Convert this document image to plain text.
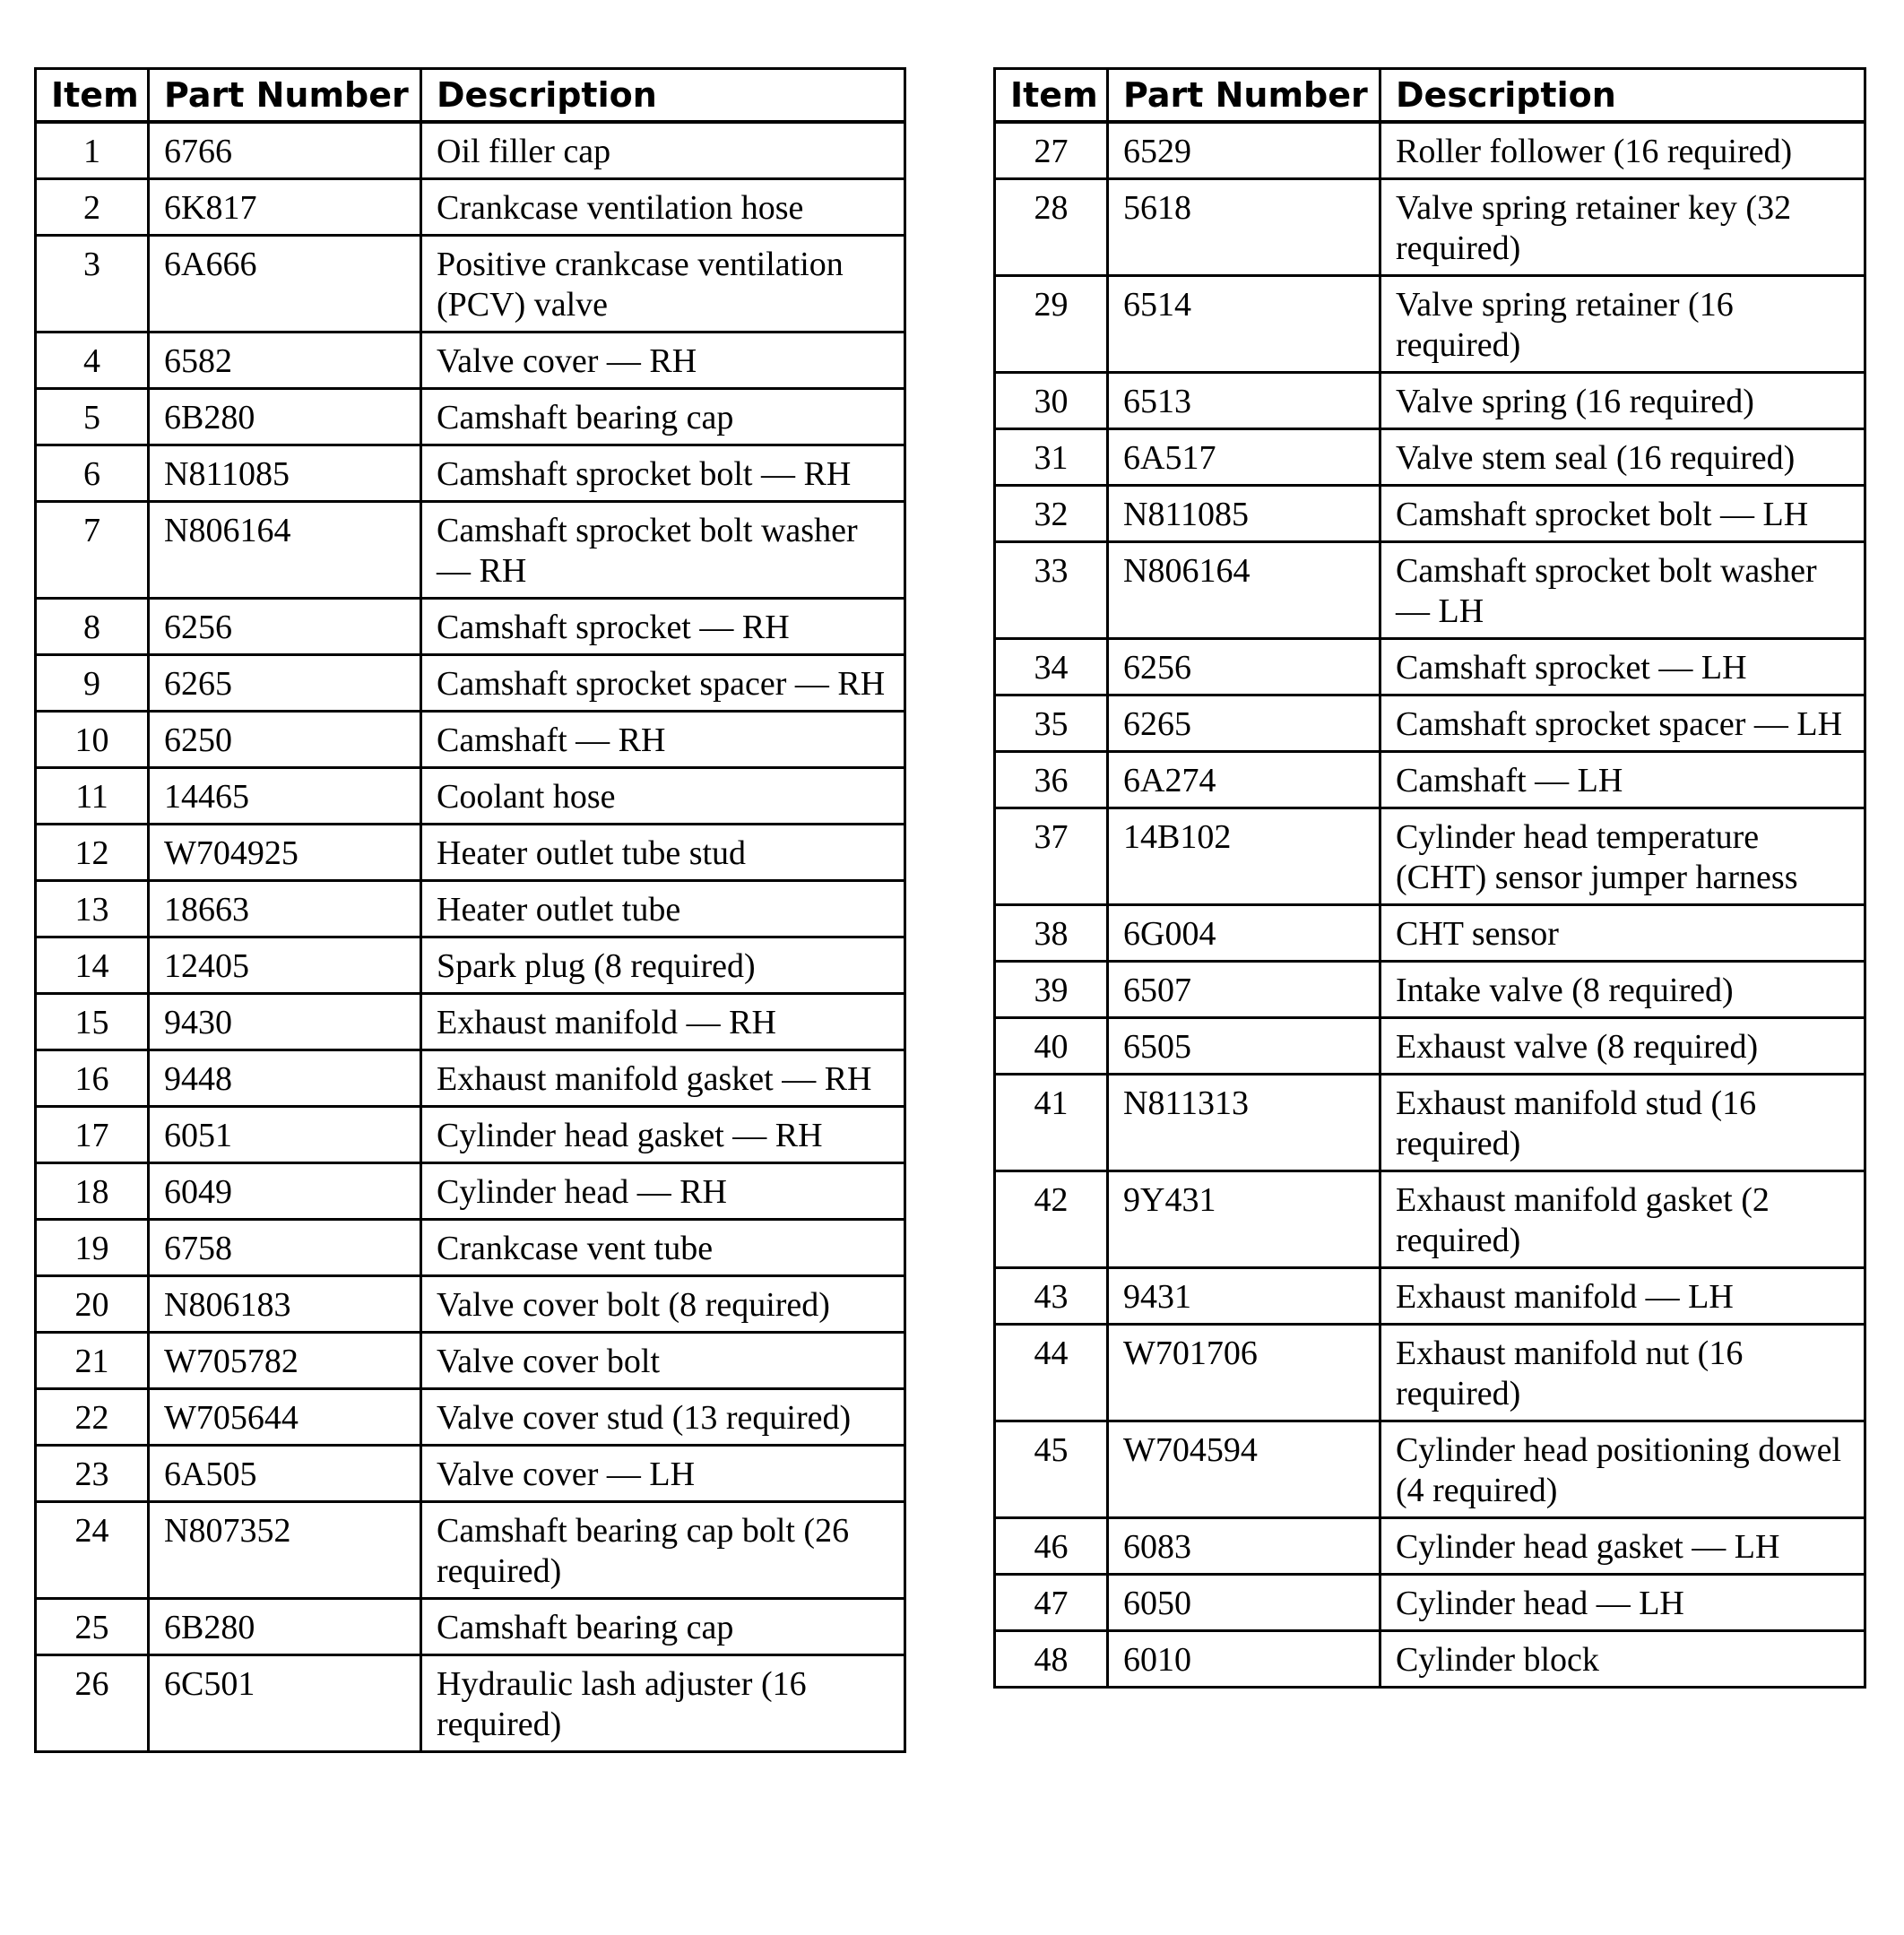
Item	Part Number	Description
1	6766	Oil filler cap
2	6K817	Crankcase ventilation hose
3	6A666	Positive crankcase ventilation (PCV) valve
4	6582	Valve cover — RH
5	6B280	Camshaft bearing cap
6	N811085	Camshaft sprocket bolt — RH
7	N806164	Camshaft sprocket bolt washer — RH
8	6256	Camshaft sprocket — RH
9	6265	Camshaft sprocket spacer — RH
10	6250	Camshaft — RH
11	14465	Coolant hose
12	W704925	Heater outlet tube stud
13	18663	Heater outlet tube
14	12405	Spark plug (8 required)
15	9430	Exhaust manifold — RH
16	9448	Exhaust manifold gasket — RH
17	6051	Cylinder head gasket — RH
18	6049	Cylinder head — RH
19	6758	Crankcase vent tube
20	N806183	Valve cover bolt (8 required)
21	W705782	Valve cover bolt
22	W705644	Valve cover stud (13 required)
23	6A505	Valve cover — LH
24	N807352	Camshaft bearing cap bolt (26 required)
25	6B280	Camshaft bearing cap
26	6C501	Hydraulic lash adjuster (16 required)
Item	Part Number	Description
27	6529	Roller follower (16 required)
28	5618	Valve spring retainer key (32 required)
29	6514	Valve spring retainer (16 required)
30	6513	Valve spring (16 required)
31	6A517	Valve stem seal (16 required)
32	N811085	Camshaft sprocket bolt — LH
33	N806164	Camshaft sprocket bolt washer — LH
34	6256	Camshaft sprocket — LH
35	6265	Camshaft sprocket spacer — LH
36	6A274	Camshaft — LH
37	14B102	Cylinder head temperature (CHT) sensor jumper harness
38	6G004	CHT sensor
39	6507	Intake valve (8 required)
40	6505	Exhaust valve (8 required)
41	N811313	Exhaust manifold stud (16 required)
42	9Y431	Exhaust manifold gasket (2 required)
43	9431	Exhaust manifold — LH
44	W701706	Exhaust manifold nut (16 required)
45	W704594	Cylinder head positioning dowel (4 required)
46	6083	Cylinder head gasket — LH
47	6050	Cylinder head — LH
48	6010	Cylinder block
